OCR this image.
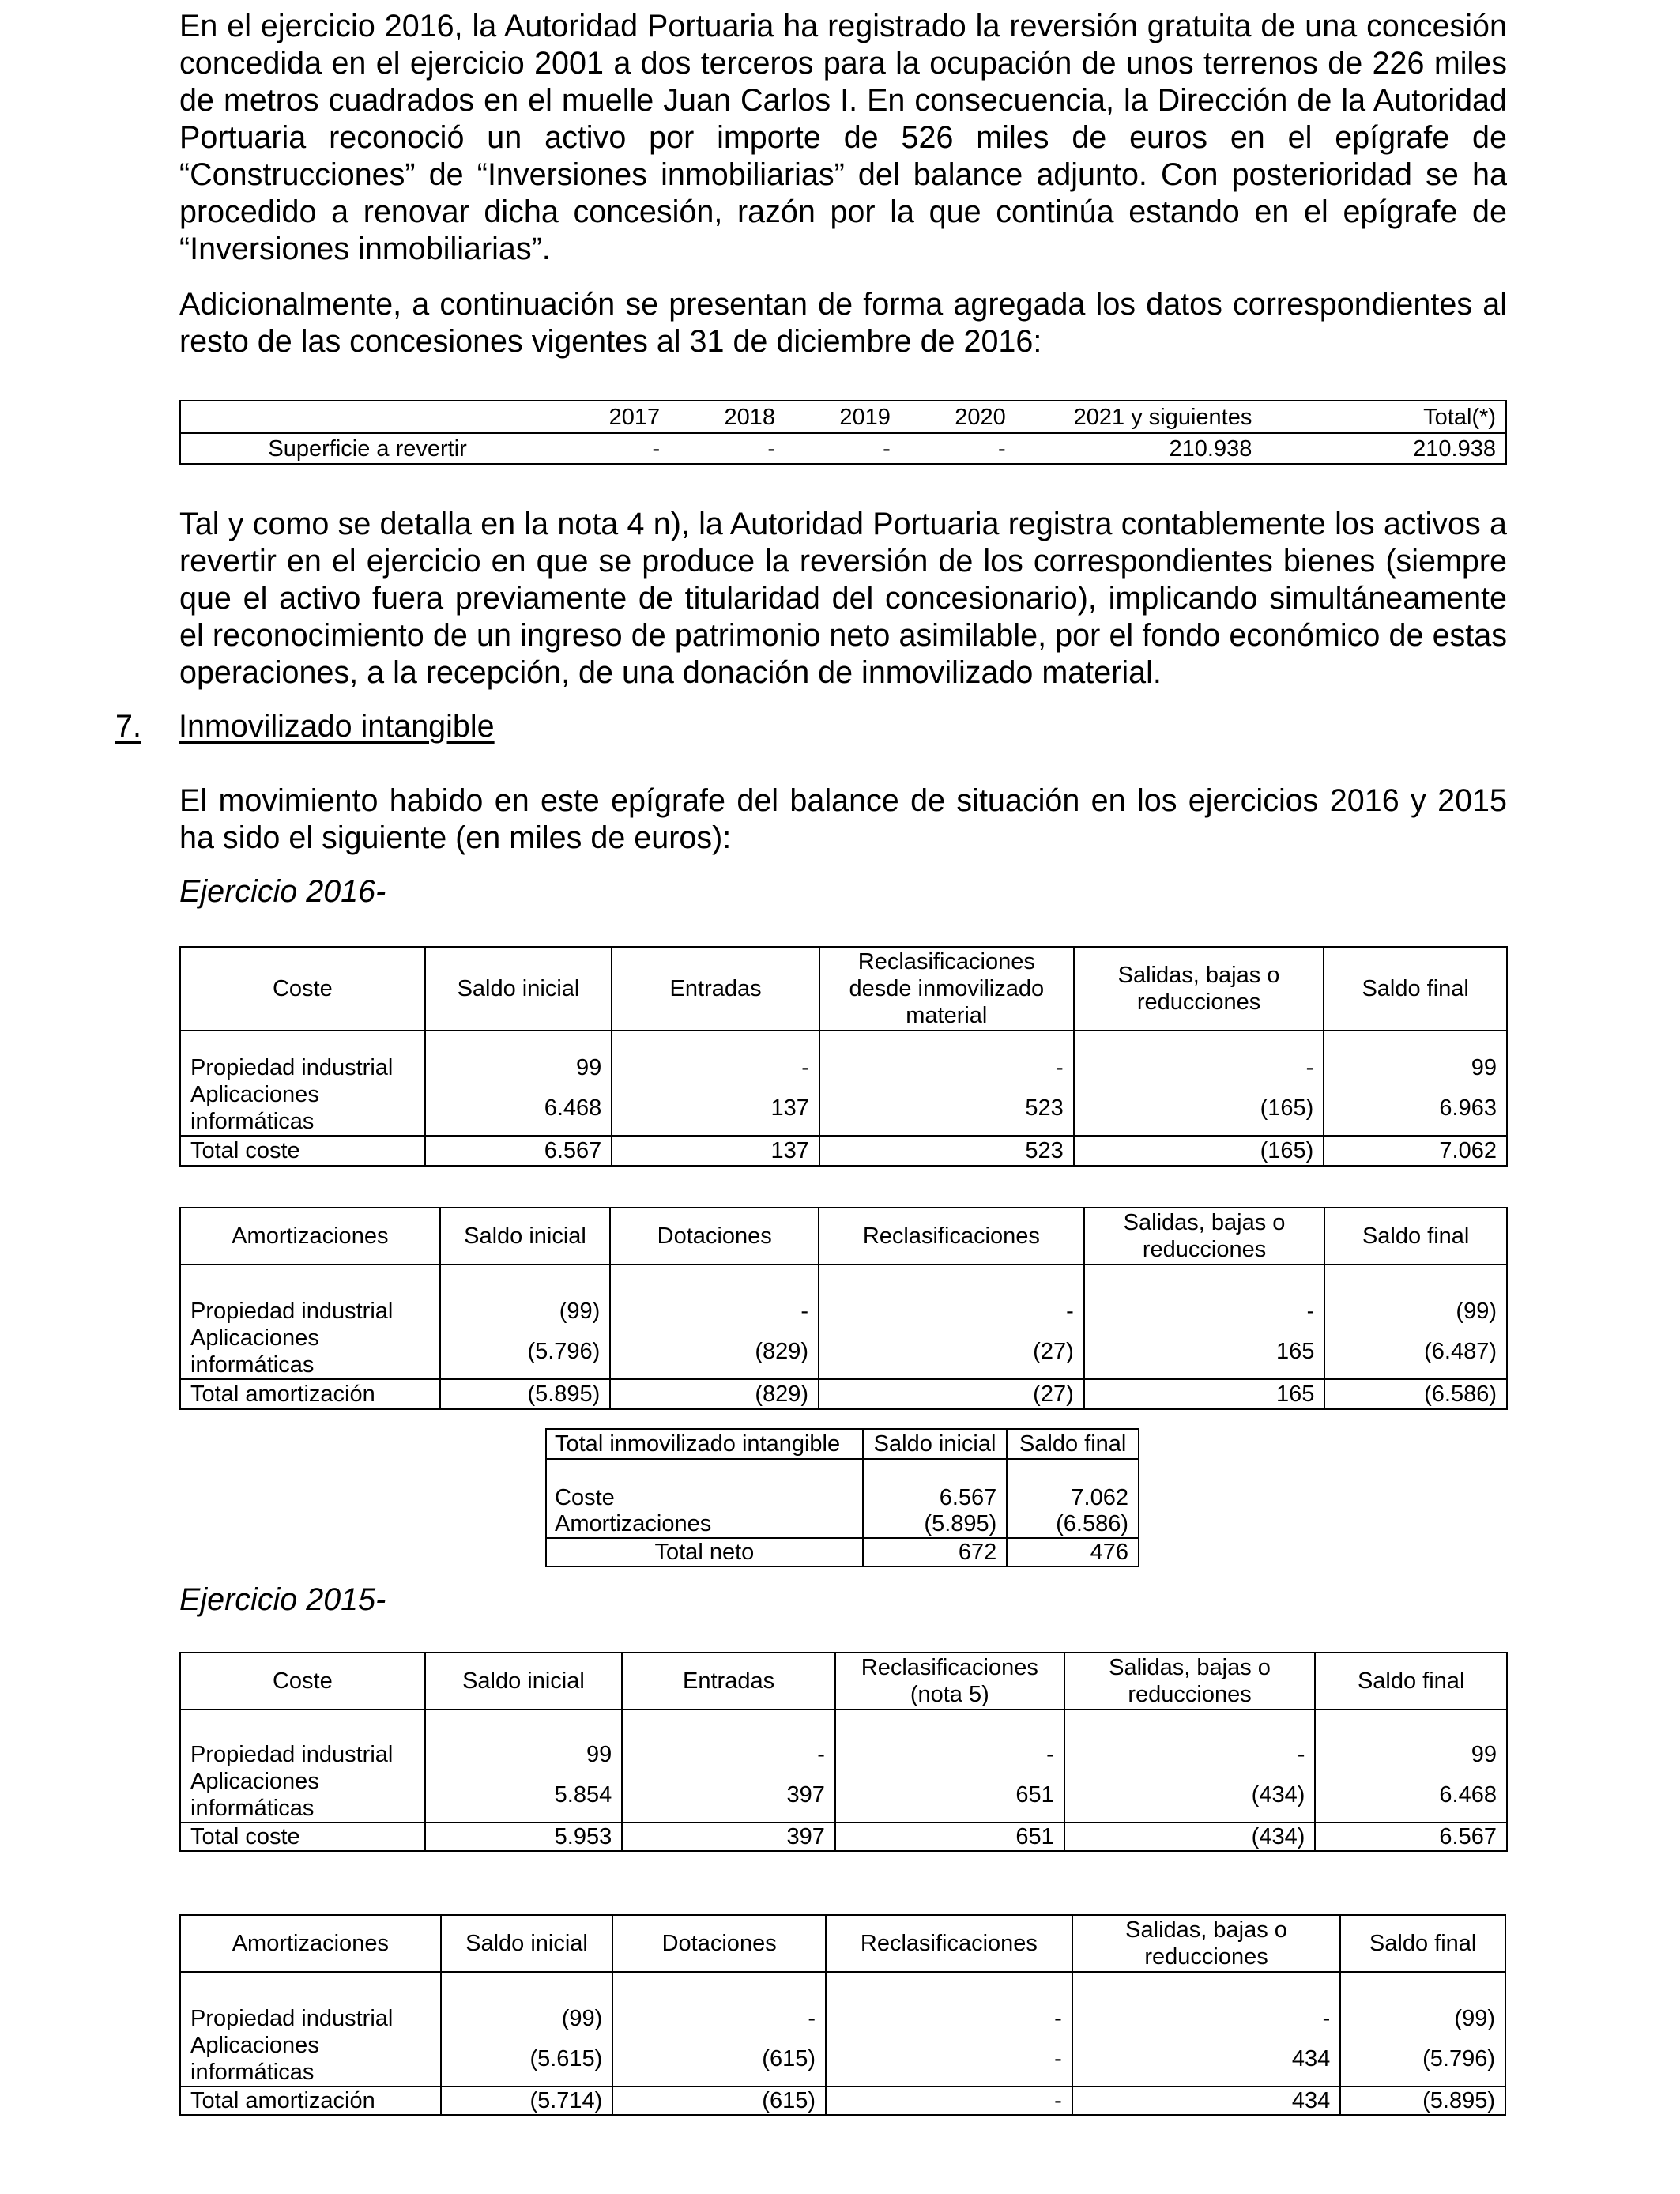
En el ejercicio 2016, la Autoridad Portuaria ha registrado la reversión gratuita de una concesión concedida en el ejercicio 2001 a dos terceros para la ocupación de unos terrenos de 226 miles de metros cuadrados en el muelle Juan Carlos I. En consecuencia, la Dirección de la Autoridad Portuaria reconoció un activo por importe de 526 miles de euros en el epígrafe de “Construcciones” de “Inversiones inmobiliarias” del balance adjunto. Con posterioridad se ha procedido a renovar dicha concesión, razón por la que continúa estando en el epígrafe de “Inversiones inmobiliarias”.

Adicionalmente, a continuación se presentan de forma agregada los datos correspondientes al resto de las concesiones vigentes al 31 de diciembre de 2016:

	2017	2018	2019	2020	2021 y siguientes	Total(*)
Superficie a revertir	-	-	-	-	210.938	210.938

Tal y como se detalla en la nota 4 n), la Autoridad Portuaria registra contablemente los activos a revertir en el ejercicio en que se produce la reversión de los correspondientes bienes (siempre que el activo fuera previamente de titularidad del concesionario), implicando simultáneamente el reconocimiento de un ingreso de patrimonio neto asimilable, por el fondo económico de estas operaciones, a la recepción, de una donación de inmovilizado material.

7. Inmovilizado intangible

El movimiento habido en este epígrafe del balance de situación en los ejercicios 2016 y 2015 ha sido el siguiente (en miles de euros):

Ejercicio 2016-
Coste	Saldo inicial	Entradas	Reclasificaciones desde inmovilizado material	Salidas, bajas o reducciones	Saldo final
Propiedad industrial	99	-	-	-	99
Aplicaciones informáticas	6.468	137	523	(165)	6.963
Total coste	6.567	137	523	(165)	7.062
Amortizaciones	Saldo inicial	Dotaciones	Reclasificaciones	Salidas, bajas o reducciones	Saldo final
Propiedad industrial	(99)	-	-	-	(99)
Aplicaciones informáticas	(5.796)	(829)	(27)	165	(6.487)
Total amortización	(5.895)	(829)	(27)	165	(6.586)
Total inmovilizado intangible	Saldo inicial	Saldo final
Coste	6.567	7.062
Amortizaciones	(5.895)	(6.586)
Total neto	672	476
Ejercicio 2015-
Coste	Saldo inicial	Entradas	Reclasificaciones (nota 5)	Salidas, bajas o reducciones	Saldo final
Propiedad industrial	99	-	-	-	99
Aplicaciones informáticas	5.854	397	651	(434)	6.468
Total coste	5.953	397	651	(434)	6.567
Amortizaciones	Saldo inicial	Dotaciones	Reclasificaciones	Salidas, bajas o reducciones	Saldo final
Propiedad industrial	(99)	-	-	-	(99)
Aplicaciones informáticas	(5.615)	(615)	-	434	(5.796)
Total amortización	(5.714)	(615)	-	434	(5.895)
